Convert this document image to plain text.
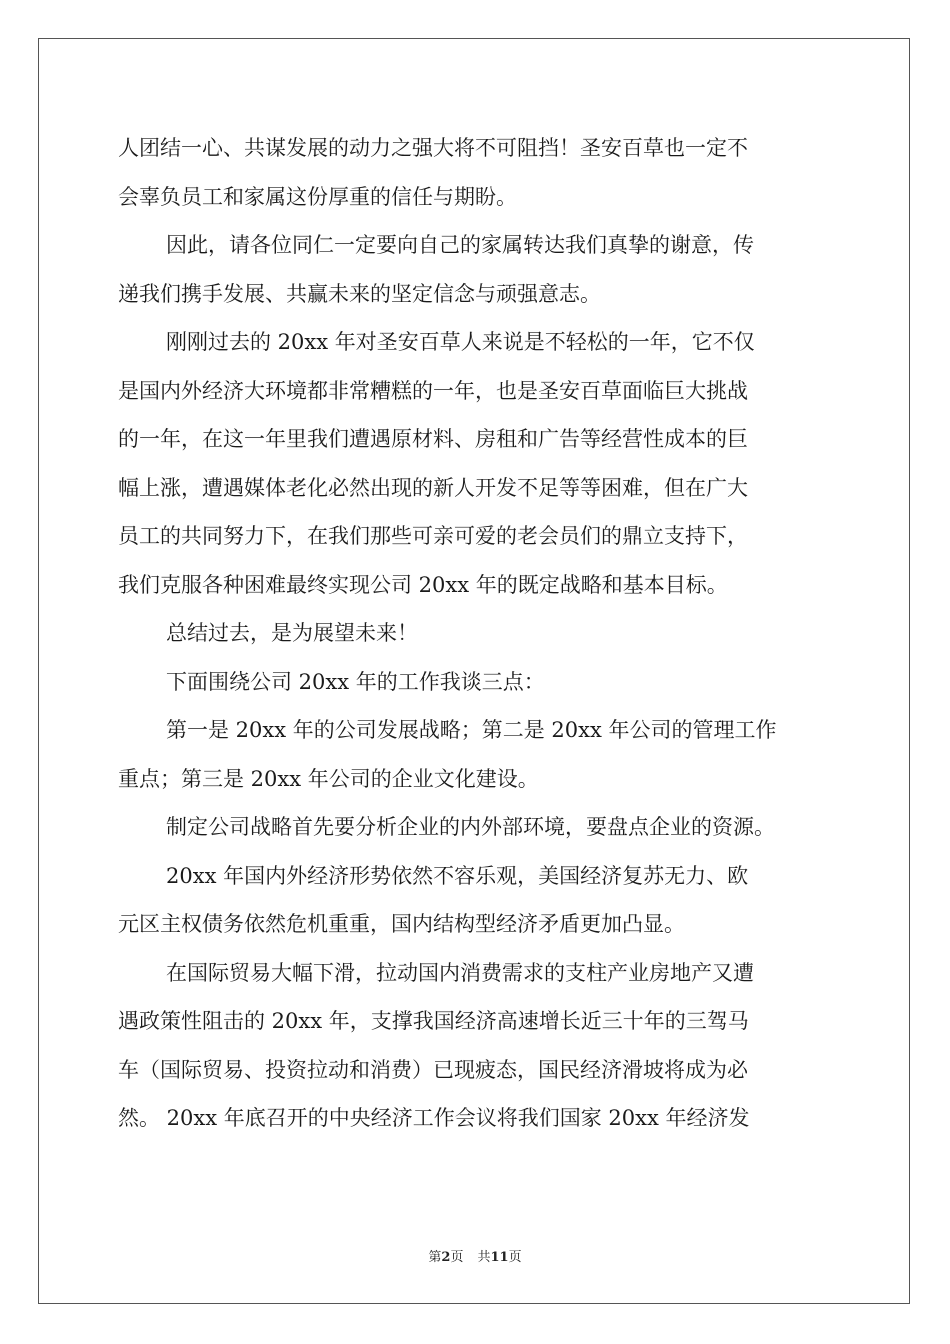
人团结一心、共谋发展的动力之强大将不可阻挡！圣安百草也一定不
会辜负员工和家属这份厚重的信任与期盼。
因此，请各位同仁一定要向自己的家属转达我们真挚的谢意，传
递我们携手发展、共赢未来的坚定信念与顽强意志。
刚刚过去的 20xx 年对圣安百草人来说是不轻松的一年，它不仅
是国内外经济大环境都非常糟糕的一年，也是圣安百草面临巨大挑战
的一年，在这一年里我们遭遇原材料、房租和广告等经营性成本的巨
幅上涨，遭遇媒体老化必然出现的新人开发不足等等困难，但在广大
员工的共同努力下，在我们那些可亲可爱的老会员们的鼎立支持下，
我们克服各种困难最终实现公司 20xx 年的既定战略和基本目标。
总结过去，是为展望未来！
下面围绕公司 20xx 年的工作我谈三点：
第一是 20xx 年的公司发展战略；第二是 20xx 年公司的管理工作
重点；第三是 20xx 年公司的企业文化建设。
制定公司战略首先要分析企业的内外部环境，要盘点企业的资源。
20xx 年国内外经济形势依然不容乐观，美国经济复苏无力、欧
元区主权债务依然危机重重，国内结构型经济矛盾更加凸显。
在国际贸易大幅下滑，拉动国内消费需求的支柱产业房地产又遭
遇政策性阻击的 20xx 年，支撑我国经济高速增长近三十年的三驾马
车（国际贸易、投资拉动和消费）已现疲态，国民经济滑坡将成为必
然。 20xx 年底召开的中央经济工作会议将我们国家 20xx 年经济发
第2页 共11页
